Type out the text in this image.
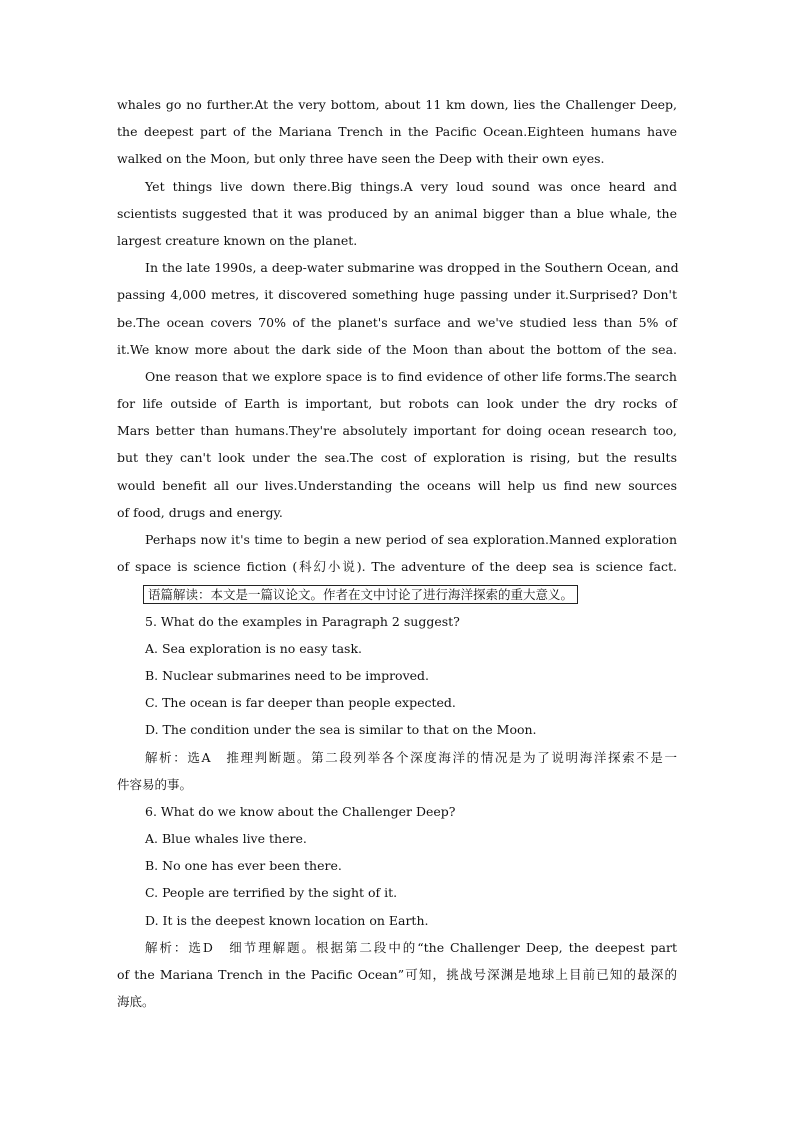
whales go no further.At the very bottom, about 11 km down, lies the Challenger Deep,
the deepest part of the Mariana Trench in the Pacific Ocean.Eighteen humans have
walked on the Moon, but only three have seen the Deep with their own eyes.
Yet things live down there.Big things.A very loud sound was once heard and
scientists suggested that it was produced by an animal bigger than a blue whale, the
largest creature known on the planet.
In the late 1990s, a deep-water submarine was dropped in the Southern Ocean, and
passing 4,000 metres, it discovered something huge passing under it.Surprised? Don't
be.The ocean covers 70% of the planet's surface and we've studied less than 5% of
it.We know more about the dark side of the Moon than about the bottom of the sea.
One reason that we explore space is to find evidence of other life forms.The search
for life outside of Earth is important, but robots can look under the dry rocks of
Mars better than humans.They're absolutely important for doing ocean research too,
but they can't look under the sea.The cost of exploration is rising, but the results
would benefit all our lives.Understanding the oceans will help us find new sources
of food, drugs and energy.
Perhaps now it's time to begin a new period of sea exploration.Manned exploration
of space is science fiction (科幻小说). The adventure of the deep sea is science fact.
语篇解读：本文是一篇议论文。作者在文中讨论了进行海洋探索的重大意义。
5. What do the examples in Paragraph 2 suggest?
A. Sea exploration is no easy task.
B. Nuclear submarines need to be improved.
C. The ocean is far deeper than people expected.
D. The condition under the sea is similar to that on the Moon.
解析：选A　推理判断题。第二段列举各个深度海洋的情况是为了说明海洋探索不是一
件容易的事。
6. What do we know about the Challenger Deep?
A. Blue whales live there.
B. No one has ever been there.
C. People are terrified by the sight of it.
D. It is the deepest known location on Earth.
解析：选D　细节理解题。根据第二段中的“the Challenger Deep, the deepest part
of the Mariana Trench in the Pacific Ocean”可知，挑战号深渊是地球上目前已知的最深的
海底。
